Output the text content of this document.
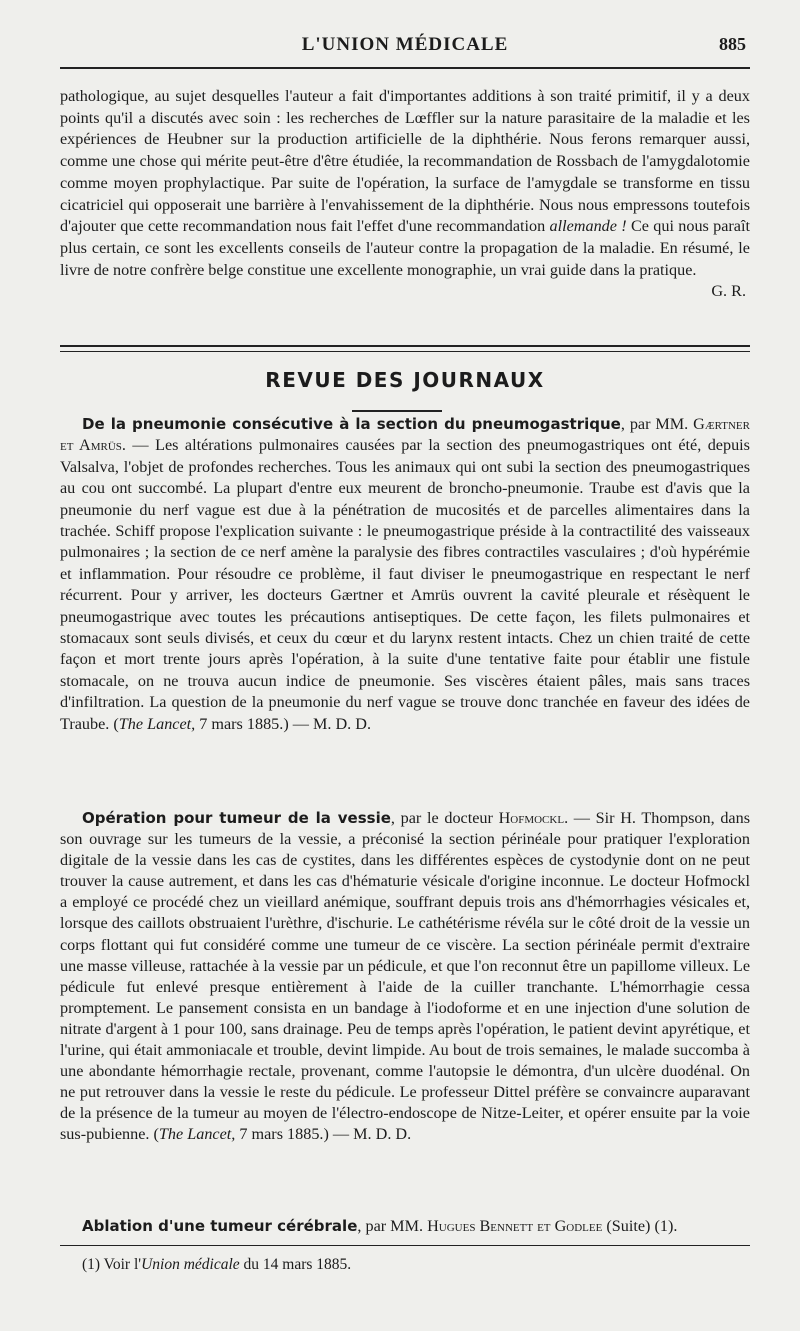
L'UNION MÉDICALE	885

pathologique, au sujet desquelles l'auteur a fait d'importantes additions à son traité primitif, il y a deux points qu'il a discutés avec soin : les recherches de Lœffler sur la nature parasitaire de la maladie et les expériences de Heubner sur la production artificielle de la diphthérie. Nous ferons remarquer aussi, comme une chose qui mérite peut-être d'être étudiée, la recommandation de Rossbach de l'amygdalotomie comme moyen prophylactique. Par suite de l'opération, la surface de l'amygdale se transforme en tissu cicatriciel qui opposerait une barrière à l'envahissement de la diphthérie. Nous nous empressons toutefois d'ajouter que cette recommandation nous fait l'effet d'une recommandation allemande ! Ce qui nous paraît plus certain, ce sont les excellents conseils de l'auteur contre la propagation de la maladie. En résumé, le livre de notre confrère belge constitue une excellente monographie, un vrai guide dans la pratique.

G. R.

REVUE DES JOURNAUX

De la pneumonie consécutive à la section du pneumogastrique, par MM. Gærtner et Amrüs. — Les altérations pulmonaires causées par la section des pneumogastriques ont été, depuis Valsalva, l'objet de profondes recherches. Tous les animaux qui ont subi la section des pneumogastriques au cou ont succombé. La plupart d'entre eux meurent de broncho-pneumonie. Traube est d'avis que la pneumonie du nerf vague est due à la pénétration de mucosités et de parcelles alimentaires dans la trachée. Schiff propose l'explication suivante : le pneumogastrique préside à la contractilité des vaisseaux pulmonaires ; la section de ce nerf amène la paralysie des fibres contractiles vasculaires ; d'où hypérémie et inflammation. Pour résoudre ce problème, il faut diviser le pneumogastrique en respectant le nerf récurrent. Pour y arriver, les docteurs Gærtner et Amrüs ouvrent la cavité pleurale et résèquent le pneumogastrique avec toutes les précautions antiseptiques. De cette façon, les filets pulmonaires et stomacaux sont seuls divisés, et ceux du cœur et du larynx restent intacts. Chez un chien traité de cette façon et mort trente jours après l'opération, à la suite d'une tentative faite pour établir une fistule stomacale, on ne trouva aucun indice de pneumonie. Ses viscères étaient pâles, mais sans traces d'infiltration. La question de la pneumonie du nerf vague se trouve donc tranchée en faveur des idées de Traube. (The Lancet, 7 mars 1885.) — M. D. D.

Opération pour tumeur de la vessie, par le docteur Hofmockl. — Sir H. Thompson, dans son ouvrage sur les tumeurs de la vessie, a préconisé la section périnéale pour pratiquer l'exploration digitale de la vessie dans les cas de cystites, dans les différentes espèces de cystodynie dont on ne peut trouver la cause autrement, et dans les cas d'hématurie vésicale d'origine inconnue. Le docteur Hofmockl a employé ce procédé chez un vieillard anémique, souffrant depuis trois ans d'hémorrhagies vésicales et, lorsque des caillots obstruaient l'urèthre, d'ischurie. Le cathétérisme révéla sur le côté droit de la vessie un corps flottant qui fut considéré comme une tumeur de ce viscère. La section périnéale permit d'extraire une masse villeuse, rattachée à la vessie par un pédicule, et que l'on reconnut être un papillome villeux. Le pédicule fut enlevé presque entièrement à l'aide de la cuiller tranchante. L'hémorrhagie cessa promptement. Le pansement consista en un bandage à l'iodoforme et en une injection d'une solution de nitrate d'argent à 1 pour 100, sans drainage. Peu de temps après l'opération, le patient devint apyrétique, et l'urine, qui était ammoniacale et trouble, devint limpide. Au bout de trois semaines, le malade succomba à une abondante hémorrhagie rectale, provenant, comme l'autopsie le démontra, d'un ulcère duodénal. On ne put retrouver dans la vessie le reste du pédicule. Le professeur Dittel préfère se convaincre auparavant de la présence de la tumeur au moyen de l'électro-endoscope de Nitze-Leiter, et opérer ensuite par la voie sus-pubienne. (The Lancet, 7 mars 1885.) — M. D. D.

Ablation d'une tumeur cérébrale, par MM. Hugues Bennett et Godlee (Suite) (1).

(1) Voir l'Union médicale du 14 mars 1885.
